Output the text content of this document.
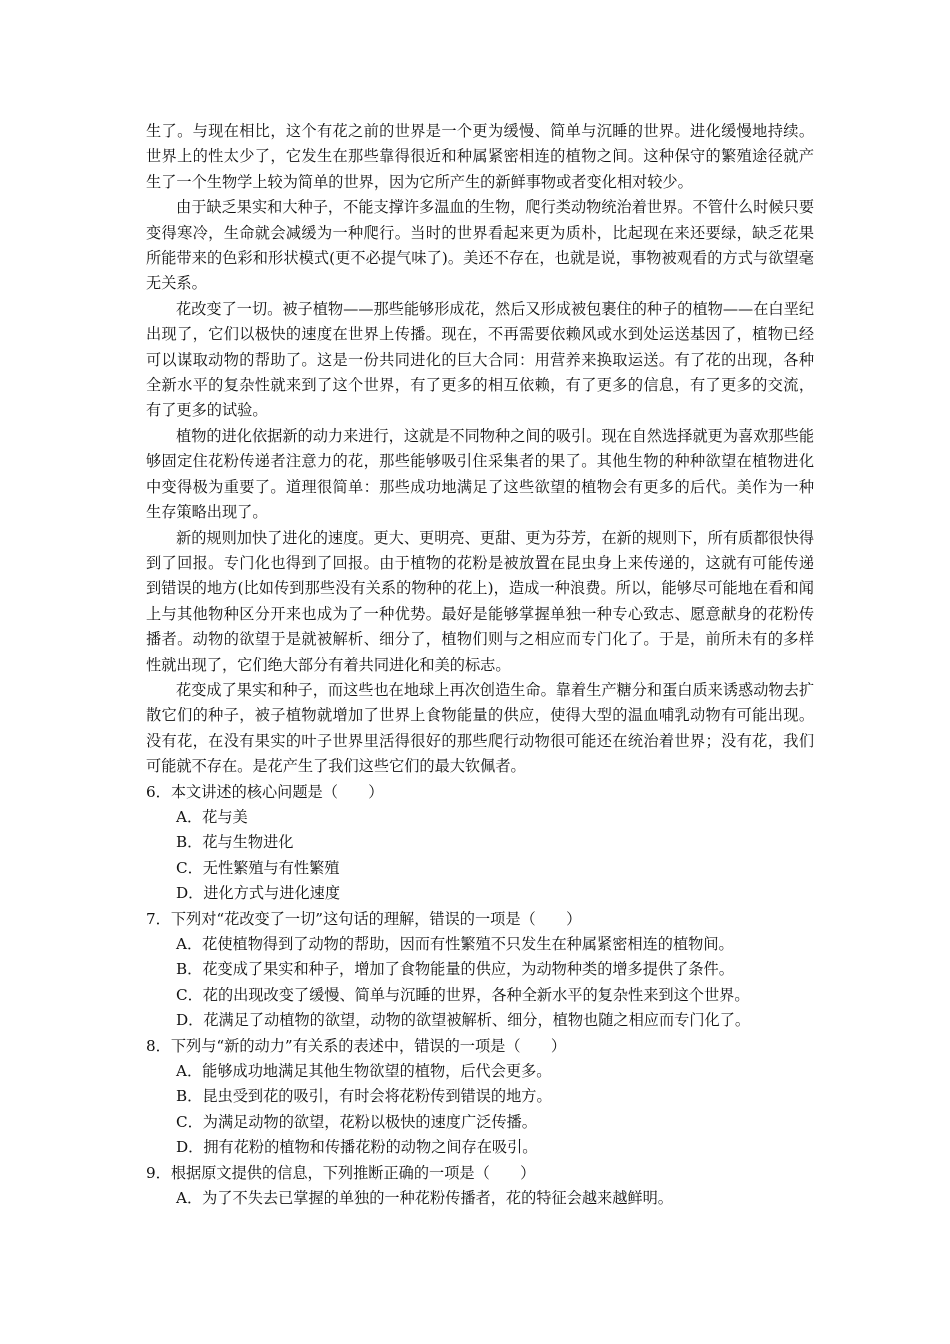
生了。与现在相比，这个有花之前的世界是一个更为缓慢、简单与沉睡的世界。进化缓慢地持续。世界上的性太少了，它发生在那些靠得很近和种属紧密相连的植物之间。这种保守的繁殖途径就产生了一个生物学上较为简单的世界，因为它所产生的新鲜事物或者变化相对较少。

由于缺乏果实和大种子，不能支撑许多温血的生物，爬行类动物统治着世界。不管什么时候只要变得寒冷，生命就会减缓为一种爬行。当时的世界看起来更为质朴，比起现在来还要绿，缺乏花果所能带来的色彩和形状模式(更不必提气味了)。美还不存在，也就是说，事物被观看的方式与欲望毫无关系。

花改变了一切。被子植物——那些能够形成花，然后又形成被包裹住的种子的植物——在白垩纪出现了，它们以极快的速度在世界上传播。现在，不再需要依赖风或水到处运送基因了，植物已经可以谋取动物的帮助了。这是一份共同进化的巨大合同：用营养来换取运送。有了花的出现，各种全新水平的复杂性就来到了这个世界，有了更多的相互依赖，有了更多的信息，有了更多的交流，有了更多的试验。

植物的进化依据新的动力来进行，这就是不同物种之间的吸引。现在自然选择就更为喜欢那些能够固定住花粉传递者注意力的花，那些能够吸引住采集者的果了。其他生物的种种欲望在植物进化中变得极为重要了。道理很简单：那些成功地满足了这些欲望的植物会有更多的后代。美作为一种生存策略出现了。

新的规则加快了进化的速度。更大、更明亮、更甜、更为芬芳，在新的规则下，所有质都很快得到了回报。专门化也得到了回报。由于植物的花粉是被放置在昆虫身上来传递的，这就有可能传递到错误的地方(比如传到那些没有关系的物种的花上)，造成一种浪费。所以，能够尽可能地在看和闻上与其他物种区分开来也成为了一种优势。最好是能够掌握单独一种专心致志、愿意献身的花粉传播者。动物的欲望于是就被解析、细分了，植物们则与之相应而专门化了。于是，前所未有的多样性就出现了，它们绝大部分有着共同进化和美的标志。

花变成了果实和种子，而这些也在地球上再次创造生命。靠着生产糖分和蛋白质来诱惑动物去扩散它们的种子，被子植物就增加了世界上食物能量的供应，使得大型的温血哺乳动物有可能出现。没有花，在没有果实的叶子世界里活得很好的那些爬行动物很可能还在统治着世界；没有花，我们可能就不存在。是花产生了我们这些它们的最大钦佩者。

6．本文讲述的核心问题是（　　）

A．花与美

B．花与生物进化

C．无性繁殖与有性繁殖

D．进化方式与进化速度

7．下列对“花改变了一切”这句话的理解，错误的一项是（　　）

A．花使植物得到了动物的帮助，因而有性繁殖不只发生在种属紧密相连的植物间。

B．花变成了果实和种子，增加了食物能量的供应，为动物种类的增多提供了条件。

C．花的出现改变了缓慢、简单与沉睡的世界，各种全新水平的复杂性来到这个世界。

D．花满足了动植物的欲望，动物的欲望被解析、细分，植物也随之相应而专门化了。

8．下列与“新的动力”有关系的表述中，错误的一项是（　　）

A．能够成功地满足其他生物欲望的植物，后代会更多。

B．昆虫受到花的吸引，有时会将花粉传到错误的地方。

C．为满足动物的欲望，花粉以极快的速度广泛传播。

D．拥有花粉的植物和传播花粉的动物之间存在吸引。

9．根据原文提供的信息，下列推断正确的一项是（　　）

A．为了不失去已掌握的单独的一种花粉传播者，花的特征会越来越鲜明。
